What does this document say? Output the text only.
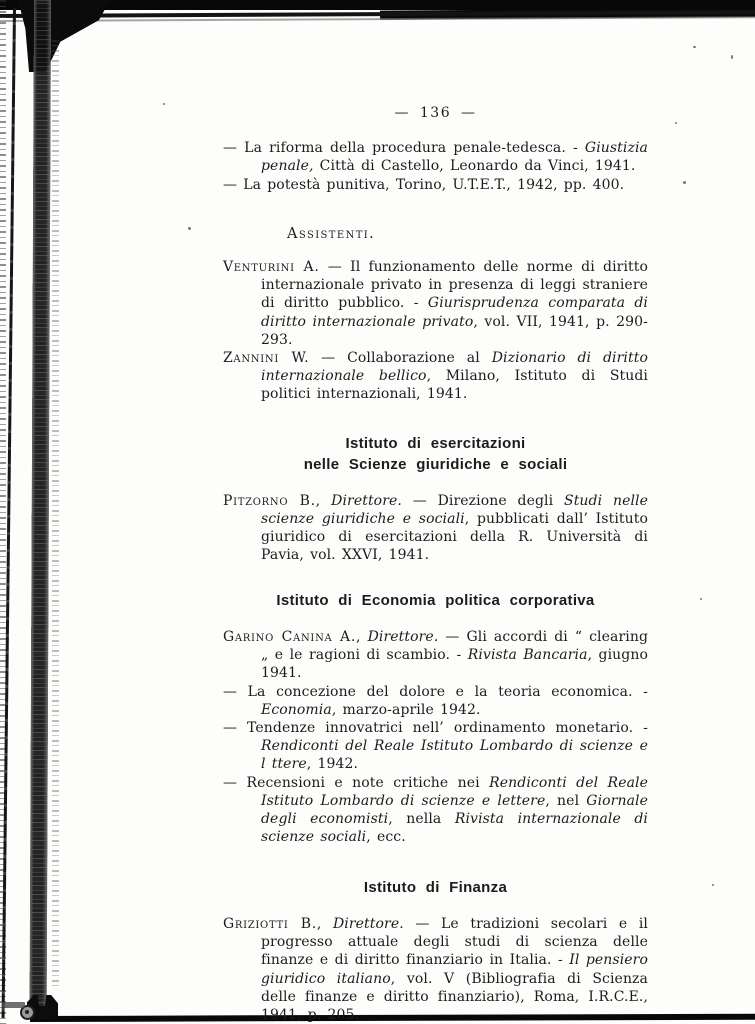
— 136 —

— La riforma della procedura penale-tedesca. - Giustizia penale, Città di Castello, Leonardo da Vinci, 1941.

— La potestà punitiva, Torino, U.T.E.T., 1942, pp. 400.

Assistenti.

Venturini A. — Il funzionamento delle norme di diritto internazionale privato in presenza di leggi straniere di diritto pubblico. - Giurisprudenza comparata di diritto internazionale privato, vol. VII, 1941, p. 290-293.

Zannini W. — Collaborazione al Dizionario di diritto internazionale bellico, Milano, Istituto di Studi politici internazionali, 1941.

Istituto di esercitazioni
nelle Scienze giuridiche e sociali

Pitzorno B., Direttore. — Direzione degli Studi nelle scienze giuridiche e sociali, pubblicati dall’ Istituto giuridico di esercitazioni della R. Università di Pavia, vol. XXVI, 1941.

Istituto di Economia politica corporativa

Garino Canina A., Direttore. — Gli accordi di “ clearing „ e le ragioni di scambio. - Rivista Bancaria, giugno 1941.

— La concezione del dolore e la teoria economica. - Economia, marzo-aprile 1942.

— Tendenze innovatrici nell’ ordinamento monetario. - Rendiconti del Reale Istituto Lombardo di scienze e l ttere, 1942.

— Recensioni e note critiche nei Rendiconti del Reale Istituto Lombardo di scienze e lettere, nel Giornale degli economisti, nella Rivista internazionale di scienze sociali, ecc.

Istituto di Finanza

Griziotti B., Direttore. — Le tradizioni secolari e il progresso attuale degli studi di scienza delle finanze e di diritto finanziario in Italia. - Il pensiero giuridico italiano, vol. V (Bibliografia di Scienza delle finanze e diritto finanziario), Roma, I.R.C.E., 1941, p. 205.
